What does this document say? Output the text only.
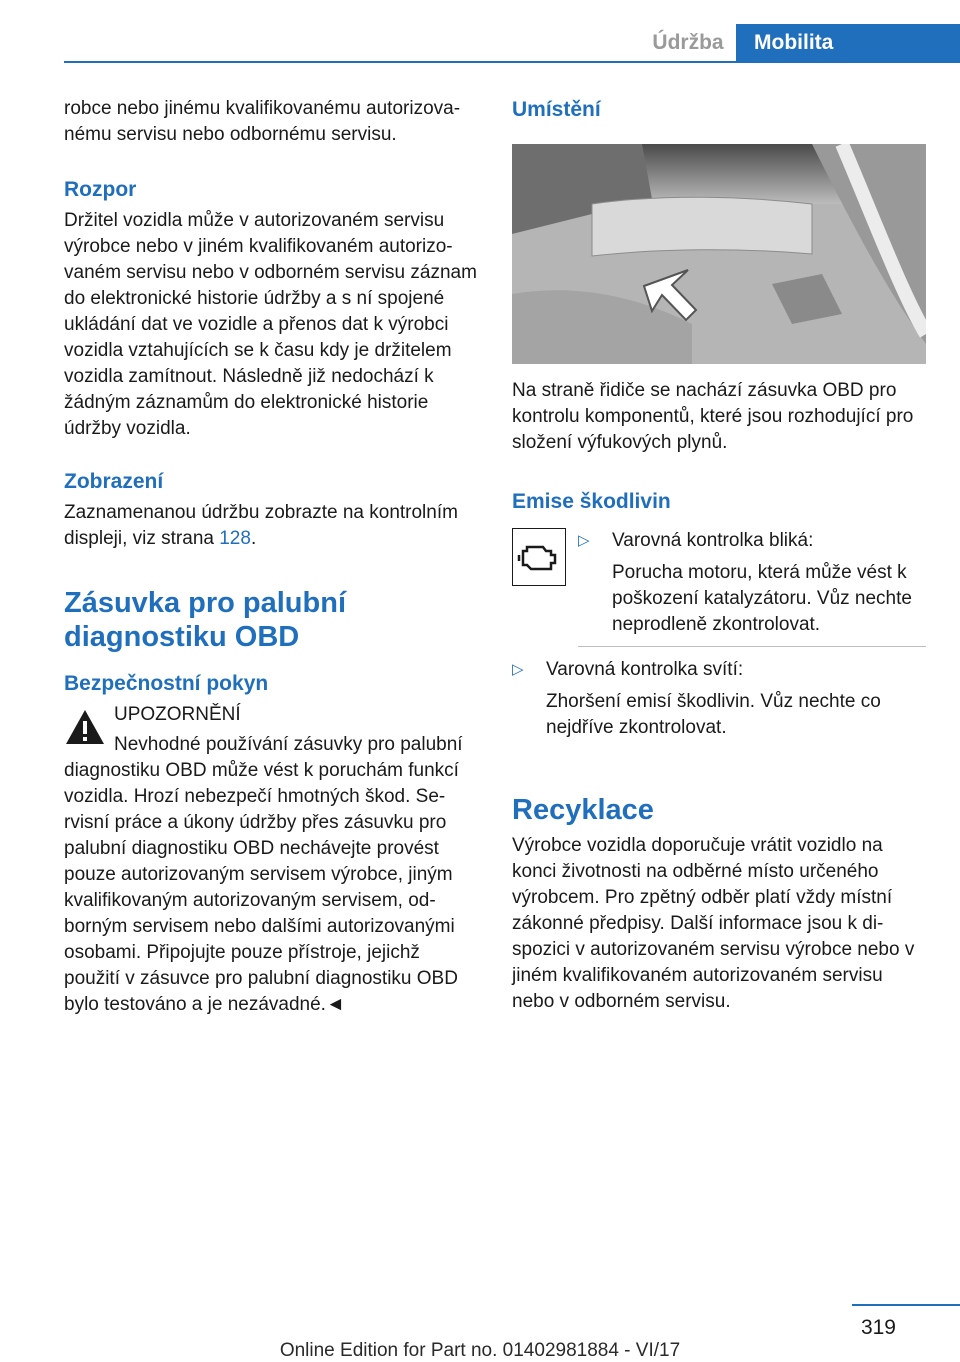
Údržba	Mobilita

robce nebo jinému kvalifikovanému autorizovanému servisu nebo odbornému servisu.

Rozpor

Držitel vozidla může v autorizovaném servisu výrobce nebo v jiném kvalifikovaném autorizovaném servisu nebo v odborném servisu záznam do elektronické historie údržby a s ní spojené ukládání dat ve vozidle a přenos dat k výrobci vozidla vztahujících se k času kdy je držitelem vozidla zamítnout. Následně již nedochází k žádným záznamům do elektronické historie údržby vozidla.

Zobrazení

Zaznamenanou údržbu zobrazte na kontrolním displeji, viz strana 128.

Zásuvka pro palubní diagnostiku OBD
Bezpečnostní pokyn

UPOZORNĚNÍ

Nevhodné používání zásuvky pro palubní diagnostiku OBD může vést k poruchám funkcí vozidla. Hrozí nebezpečí hmotných škod. Servisní práce a úkony údržby přes zásuvku pro palubní diagnostiku OBD nechávejte provést pouze autorizovaným servisem výrobce, jiným kvalifikovaným autorizovaným servisem, odborným servisem nebo dalšími autorizovanými osobami. Připojujte pouze přístroje, jejichž použití v zásuvce pro palubní diagnostiku OBD bylo testováno a je nezávadné.◄

Umístění

Na straně řidiče se nachází zásuvka OBD pro kontrolu komponentů, které jsou rozhodující pro složení výfukových plynů.

Emise škodlivin
▷ Varovná kontrolka bliká:

Porucha motoru, která může vést k poškození katalyzátoru. Vůz nechte neprodleně zkontrolovat.

▷ Varovná kontrolka svítí:

Zhoršení emisí škodlivin. Vůz nechte co nejdříve zkontrolovat.

Recyklace

Výrobce vozidla doporučuje vrátit vozidlo na konci životnosti na odběrné místo určeného výrobcem. Pro zpětný odběr platí vždy místní zákonné předpisy. Další informace jsou k dispozici v autorizovaném servisu výrobce nebo v jiném kvalifikovaném autorizovaném servisu nebo v odborném servisu.

319
Online Edition for Part no. 01402981884 - VI/17
